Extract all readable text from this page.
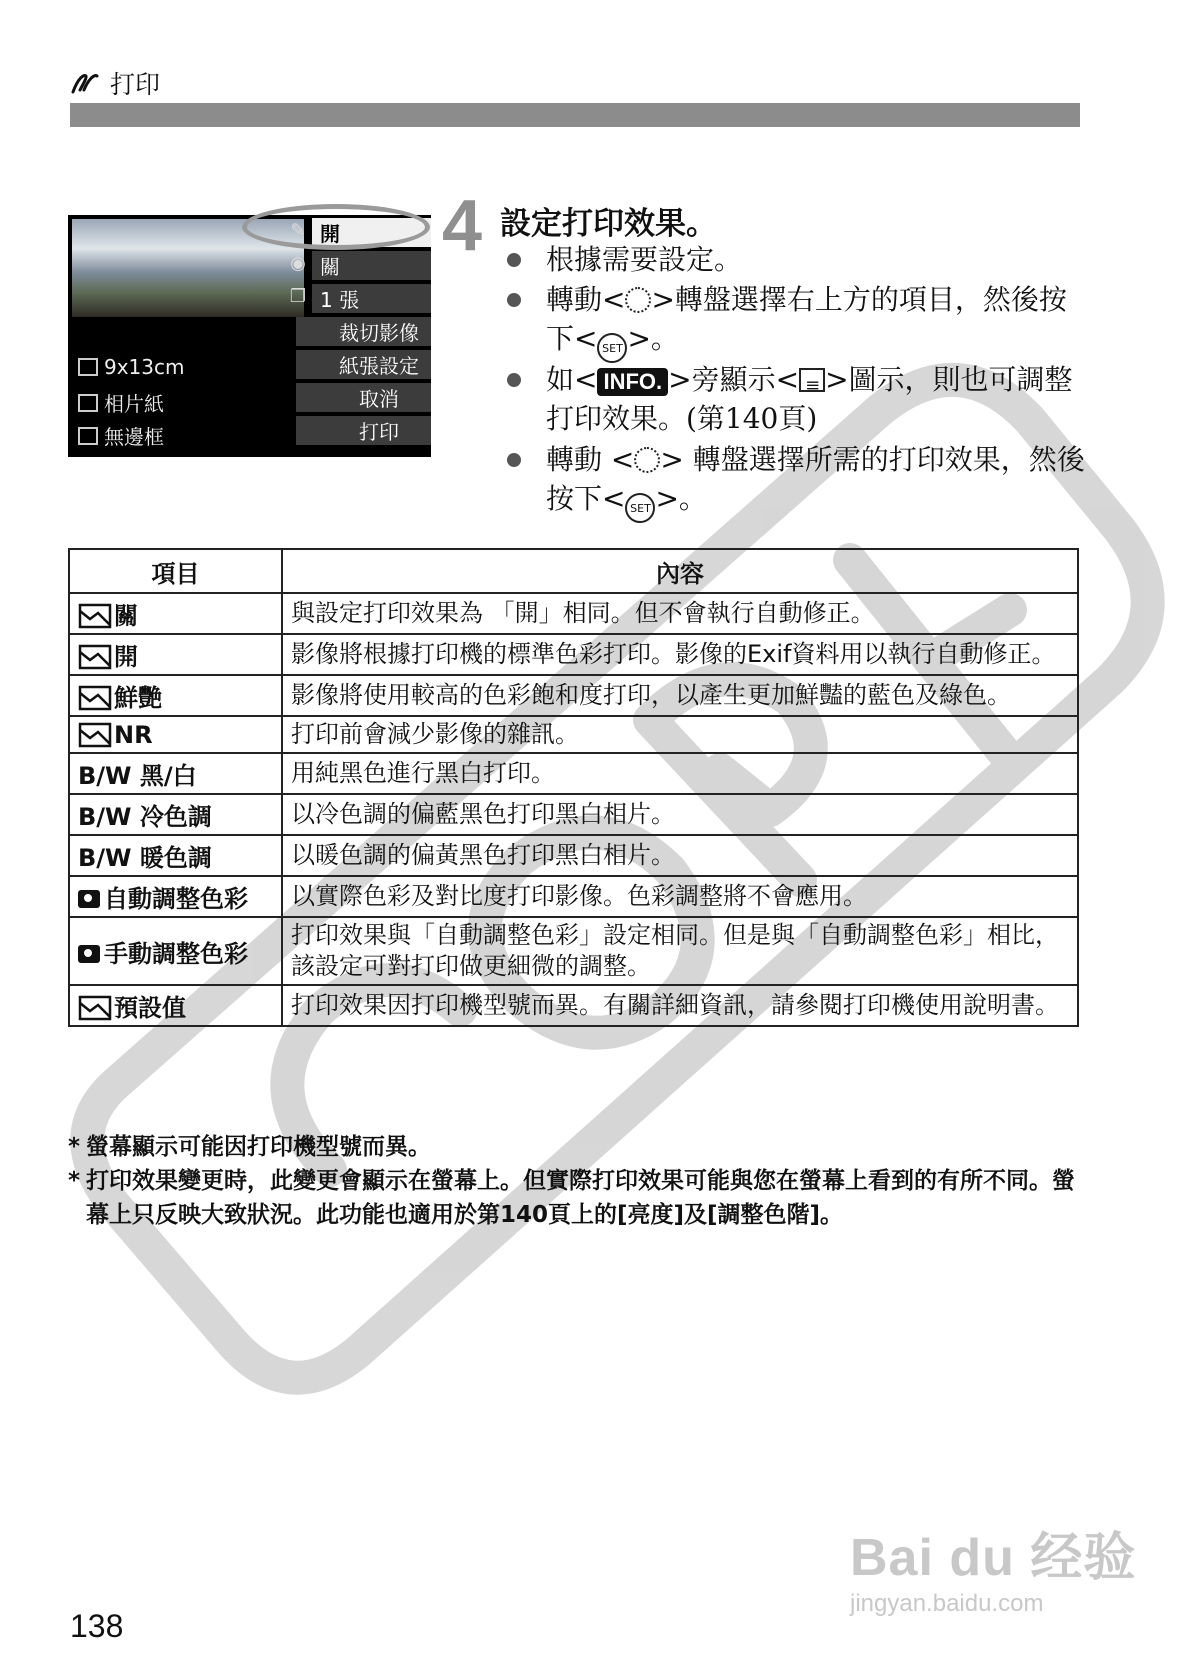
打印
✎ 開
◉ 關
❐ 1 張
裁切影像
紙張設定
取消
打印
9x13cm
相片紙
無邊框
4 設定打印效果。
根據需要設定。
轉動< >轉盤選擇右上方的項目，然後按下< SET >。
如< INFO. >旁顯示< ≡ >圖示，則也可調整打印效果。(第140頁)
轉動 < > 轉盤選擇所需的打印效果，然後按下< SET >。
項目	內容
關	與設定打印效果為 「開」相同。但不會執行自動修正。
開	影像將根據打印機的標準色彩打印。影像的Exif資料用以執行自動修正。
鮮艷	影像將使用較高的色彩飽和度打印，以產生更加鮮豔的藍色及綠色。
NR	打印前會減少影像的雜訊。
B/W 黑/白	用純黑色進行黑白打印。
B/W 冷色調	以冷色調的偏藍黑色打印黑白相片。
B/W 暖色調	以暖色調的偏黃黑色打印黑白相片。
自動調整色彩	以實際色彩及對比度打印影像。色彩調整將不會應用。
手動調整色彩	打印效果與「自動調整色彩」設定相同。但是與「自動調整色彩」相比，該設定可對打印做更細微的調整。
預設值	打印效果因打印機型號而異。有關詳細資訊，請參閱打印機使用說明書。
* 螢幕顯示可能因打印機型號而異。
* 打印效果變更時，此變更會顯示在螢幕上。但實際打印效果可能與您在螢幕上看到的有所不同。螢幕上只反映大致狀況。此功能也適用於第140頁上的[亮度]及[調整色階]。
138
Bai du 经验
jingyan.baidu.com
